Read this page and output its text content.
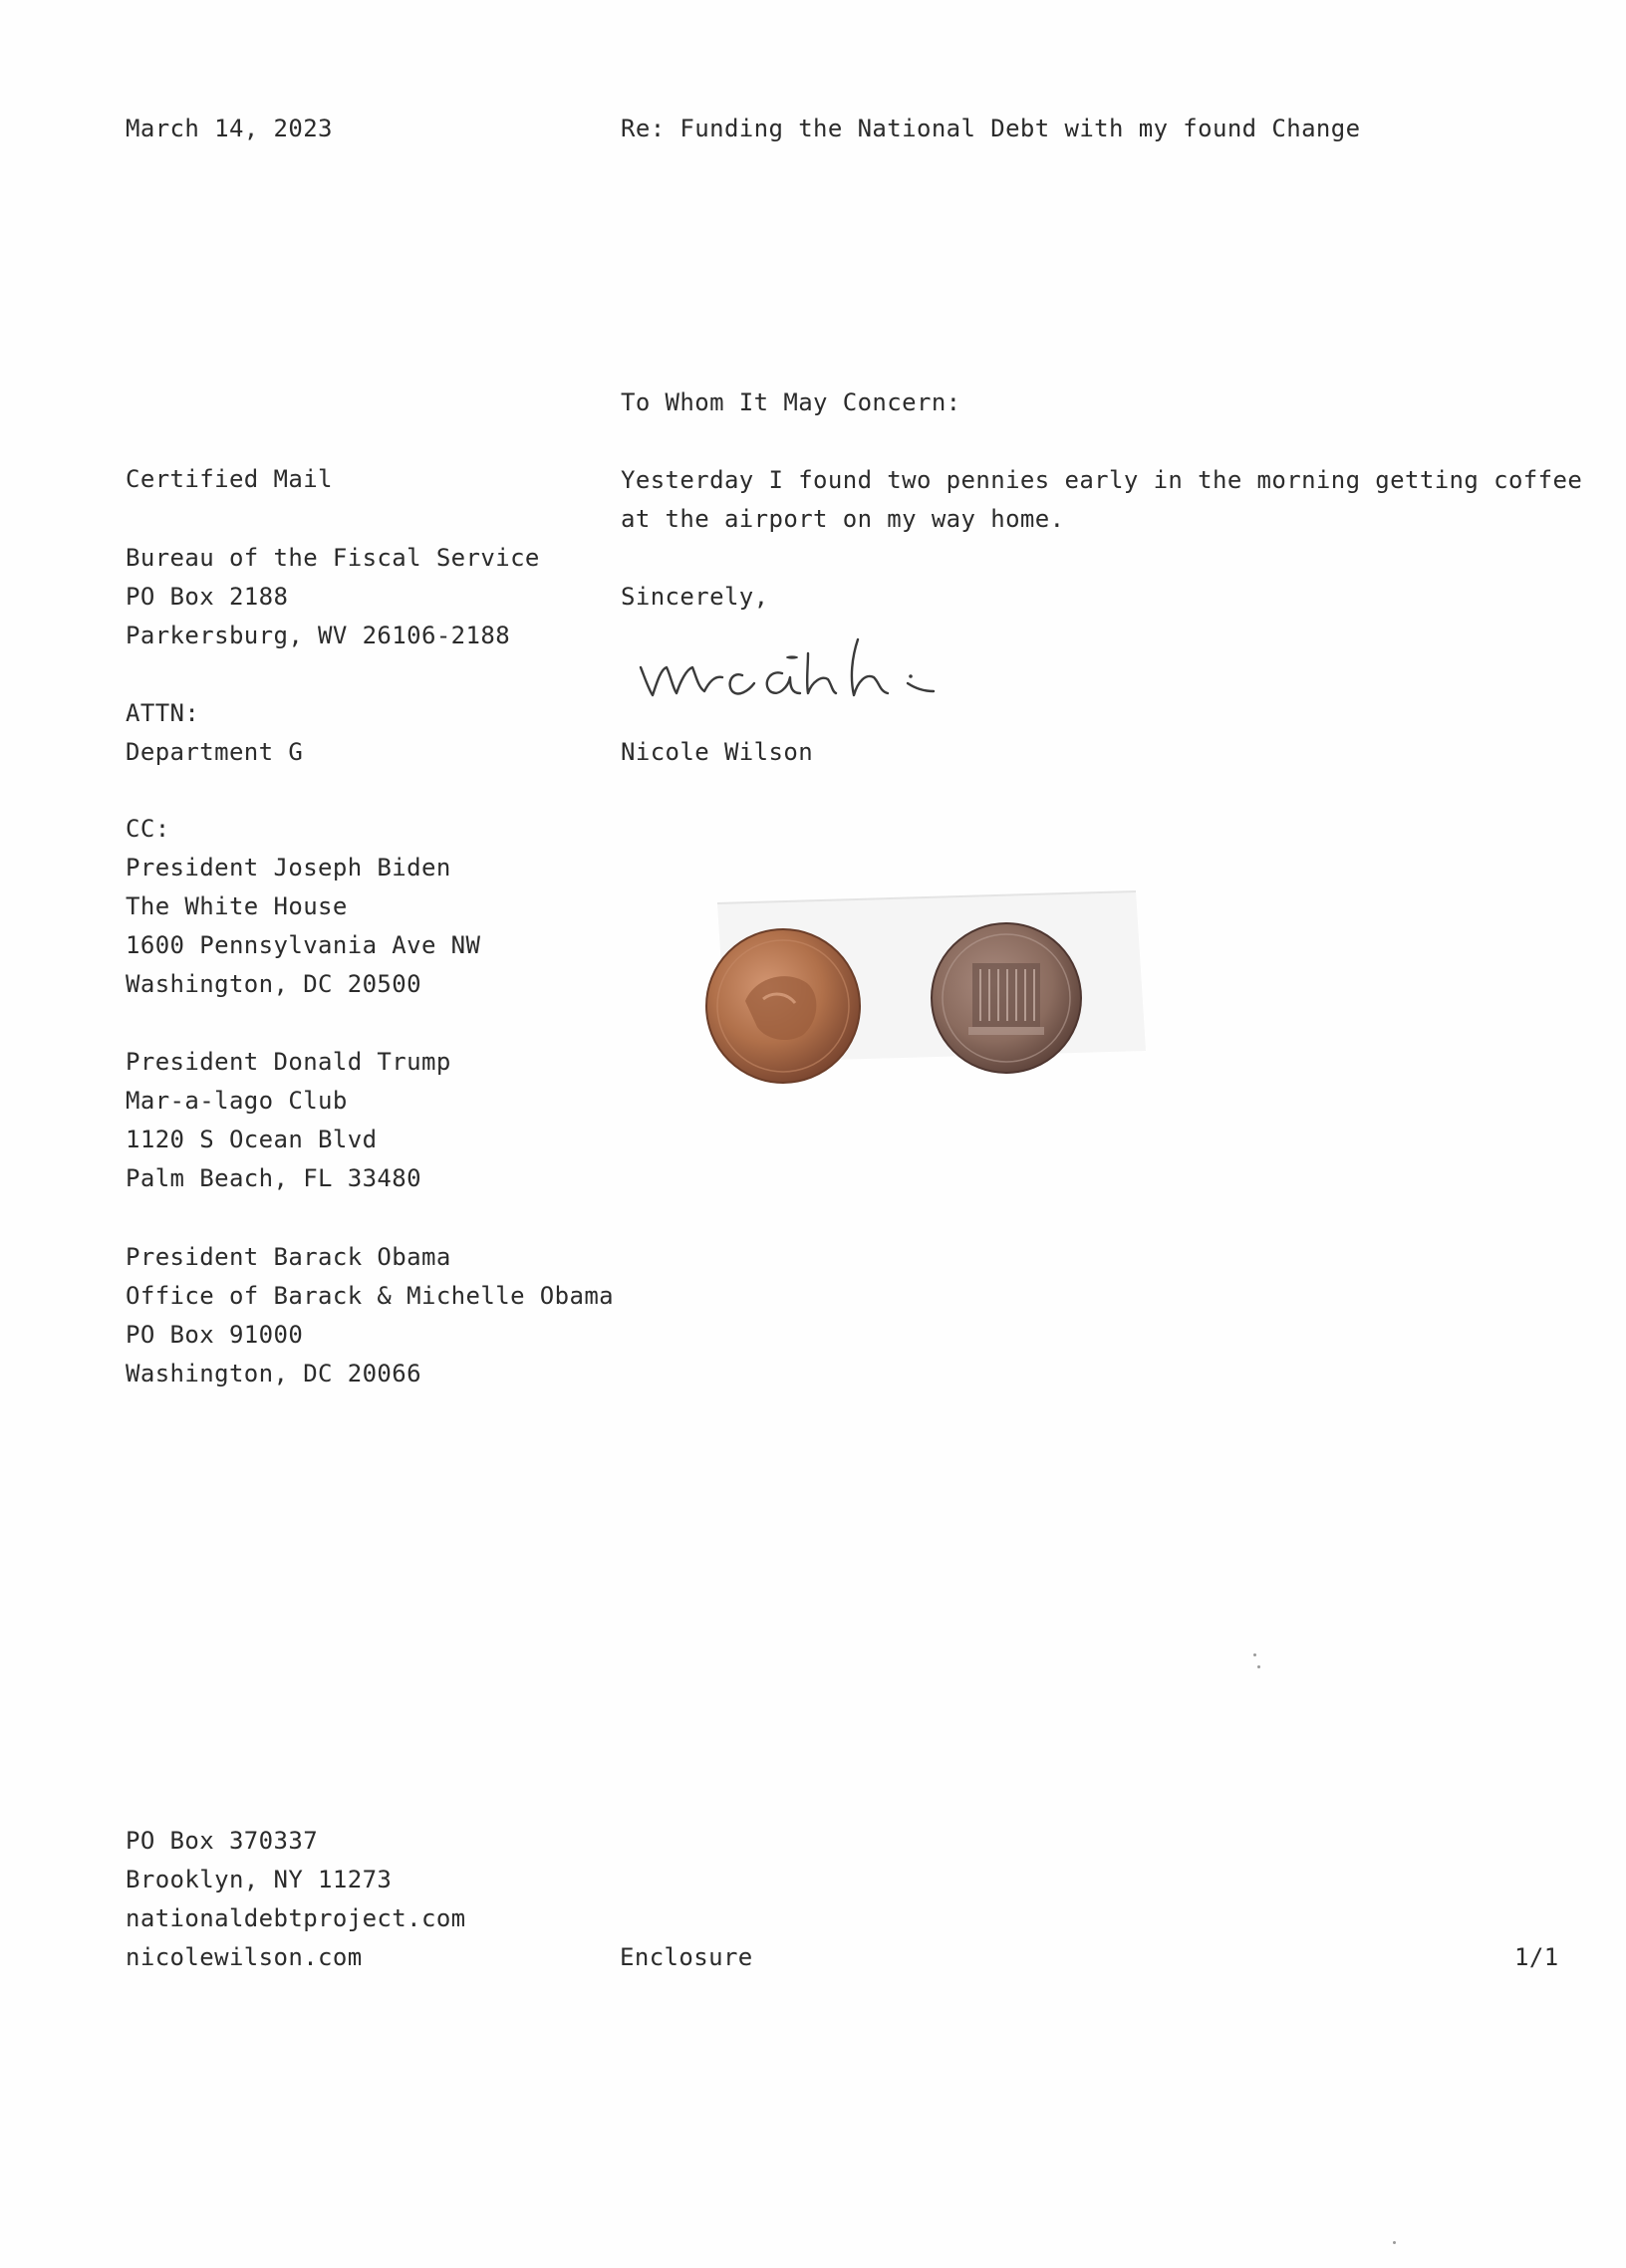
March 14, 2023	Re: Funding the National Debt with my found Change
To Whom It May Concern:
Certified Mail
Bureau of the Fiscal Service
PO Box 2188
Parkersburg, WV 26106-2188
ATTN:
Department G
CC:
President Joseph Biden
The White House
1600 Pennsylvania Ave NW
Washington, DC 20500
President Donald Trump
Mar-a-lago Club
1120 S Ocean Blvd
Palm Beach, FL 33480
President Barack Obama
Office of Barack & Michelle Obama
PO Box 91000
Washington, DC 20066
Yesterday I found two pennies early in the morning getting coffee
at the airport on my way home.
Sincerely,
Nicole Wilson
PO Box 370337
Brooklyn, NY 11273
nationaldebtproject.com
nicolewilson.com	Enclosure	1/1
